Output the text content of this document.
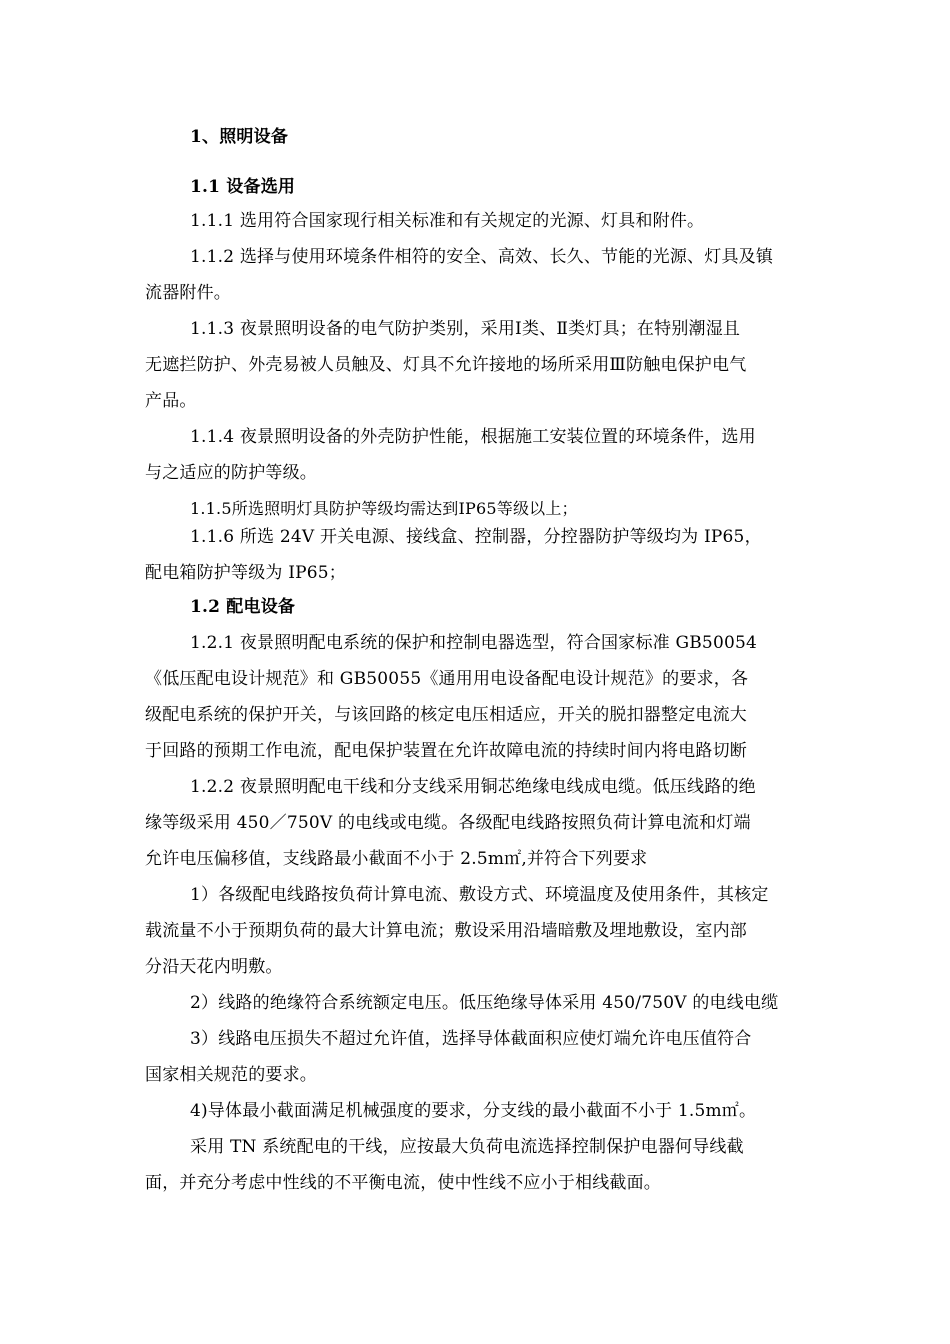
1、照明设备
1.1 设备选用
1.1.1 选用符合国家现行相关标准和有关规定的光源、灯具和附件。
1.1.2 选择与使用环境条件相符的安全、高效、长久、节能的光源、灯具及镇
流器附件。
1.1.3 夜景照明设备的电气防护类别，采用Ⅰ类、Ⅱ类灯具；在特别潮湿且
无遮拦防护、外壳易被人员触及、灯具不允许接地的场所采用Ⅲ防触电保护电气
产品。
1.1.4 夜景照明设备的外壳防护性能，根据施工安装位置的环境条件，选用
与之适应的防护等级。
1.1.5所选照明灯具防护等级均需达到IP65等级以上；
1.1.6 所选 24V 开关电源、接线盒、控制器，分控器防护等级均为 IP65，
配电箱防护等级为 IP65；
1.2 配电设备
1.2.1 夜景照明配电系统的保护和控制电器选型，符合国家标准 GB50054
《低压配电设计规范》和 GB50055《通用用电设备配电设计规范》的要求，各
级配电系统的保护开关，与该回路的核定电压相适应，开关的脱扣器整定电流大
于回路的预期工作电流，配电保护装置在允许故障电流的持续时间内将电路切断
1.2.2 夜景照明配电干线和分支线采用铜芯绝缘电线成电缆。低压线路的绝
缘等级采用 450／750V 的电线或电缆。各级配电线路按照负荷计算电流和灯端
允许电压偏移值，支线路最小截面不小于 2.5m㎡,并符合下列要求
1）各级配电线路按负荷计算电流、敷设方式、环境温度及使用条件，其核定
载流量不小于预期负荷的最大计算电流；敷设采用沿墙暗敷及埋地敷设，室内部
分沿天花内明敷。
2）线路的绝缘符合系统额定电压。低压绝缘导体采用 450/750V 的电线电缆
3）线路电压损失不超过允许值，选择导体截面积应使灯端允许电压值符合
国家相关规范的要求。
4)导体最小截面满足机械强度的要求，分支线的最小截面不小于 1.5m㎡。
采用 TN 系统配电的干线，应按最大负荷电流选择控制保护电器何导线截
面，并充分考虑中性线的不平衡电流，使中性线不应小于相线截面。
